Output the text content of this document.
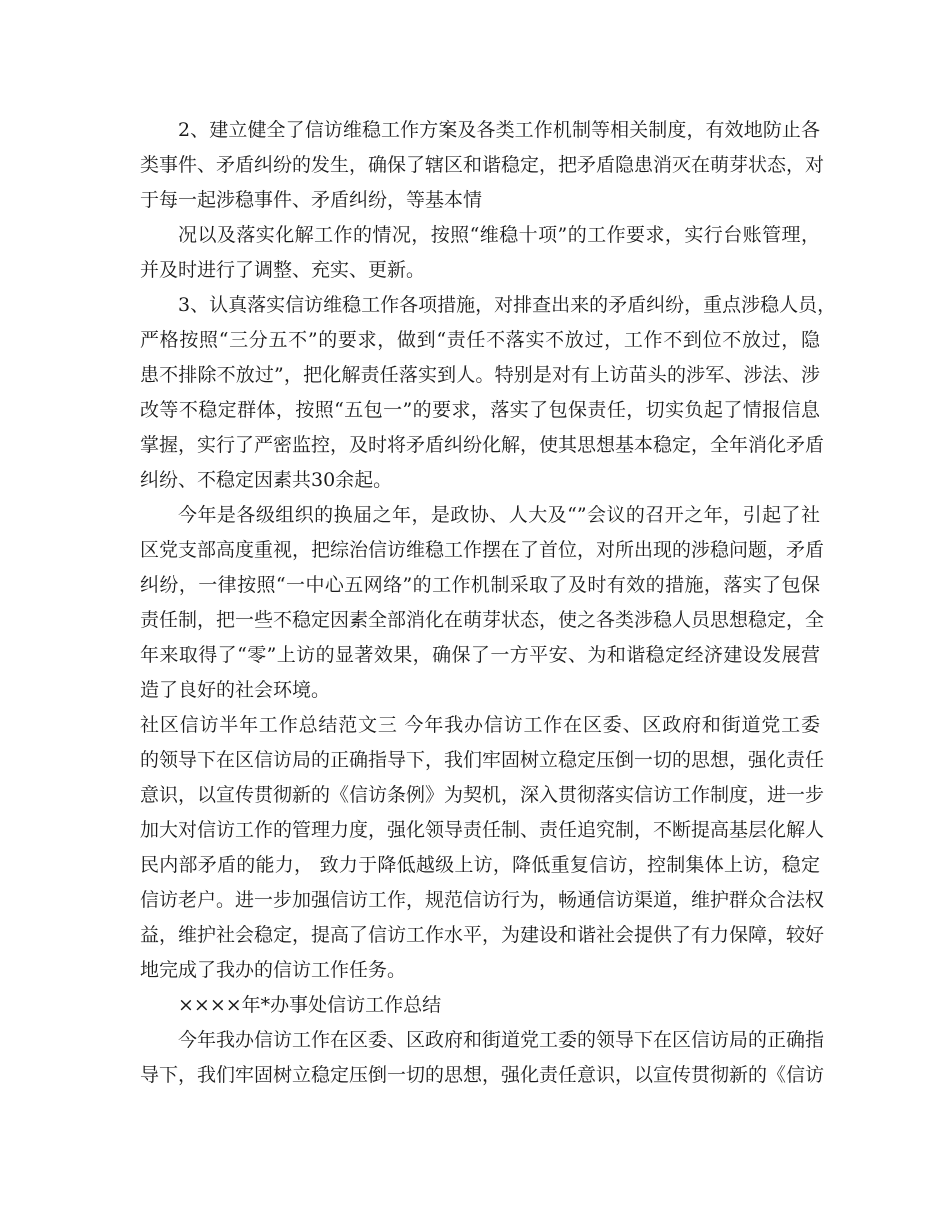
2、建立健全了信访维稳工作方案及各类工作机制等相关制度，有效地防止各

类事件、矛盾纠纷的发生，确保了辖区和谐稳定，把矛盾隐患消灭在萌芽状态，对

于每一起涉稳事件、矛盾纠纷，等基本情

况以及落实化解工作的情况，按照“维稳十项”的工作要求，实行台账管理，

并及时进行了调整、充实、更新。

3、认真落实信访维稳工作各项措施，对排查出来的矛盾纠纷，重点涉稳人员，

严格按照“三分五不”的要求，做到“责任不落实不放过，工作不到位不放过，隐

患不排除不放过”，把化解责任落实到人。特别是对有上访苗头的涉军、涉法、涉

改等不稳定群体，按照“五包一”的要求，落实了包保责任，切实负起了情报信息

掌握，实行了严密监控，及时将矛盾纠纷化解，使其思想基本稳定，全年消化矛盾

纠纷、不稳定因素共30余起。

今年是各级组织的换届之年，是政协、人大及“”会议的召开之年，引起了社

区党支部高度重视，把综治信访维稳工作摆在了首位，对所出现的涉稳问题，矛盾

纠纷，一律按照“一中心五网络”的工作机制采取了及时有效的措施，落实了包保

责任制，把一些不稳定因素全部消化在萌芽状态，使之各类涉稳人员思想稳定，全

年来取得了“零”上访的显著效果，确保了一方平安、为和谐稳定经济建设发展营

造了良好的社会环境。

社区信访半年工作总结范文三 今年我办信访工作在区委、区政府和街道党工委

的领导下在区信访局的正确指导下，我们牢固树立稳定压倒一切的思想，强化责任

意识，以宣传贯彻新的《信访条例》为契机，深入贯彻落实信访工作制度，进一步

加大对信访工作的管理力度，强化领导责任制、责任追究制，不断提高基层化解人

民内部矛盾的能力， 致力于降低越级上访，降低重复信访，控制集体上访，稳定

信访老户。进一步加强信访工作，规范信访行为，畅通信访渠道，维护群众合法权

益，维护社会稳定，提高了信访工作水平，为建设和谐社会提供了有力保障，较好

地完成了我办的信访工作任务。

××××年*办事处信访工作总结

今年我办信访工作在区委、区政府和街道党工委的领导下在区信访局的正确指

导下，我们牢固树立稳定压倒一切的思想，强化责任意识，以宣传贯彻新的《信访
